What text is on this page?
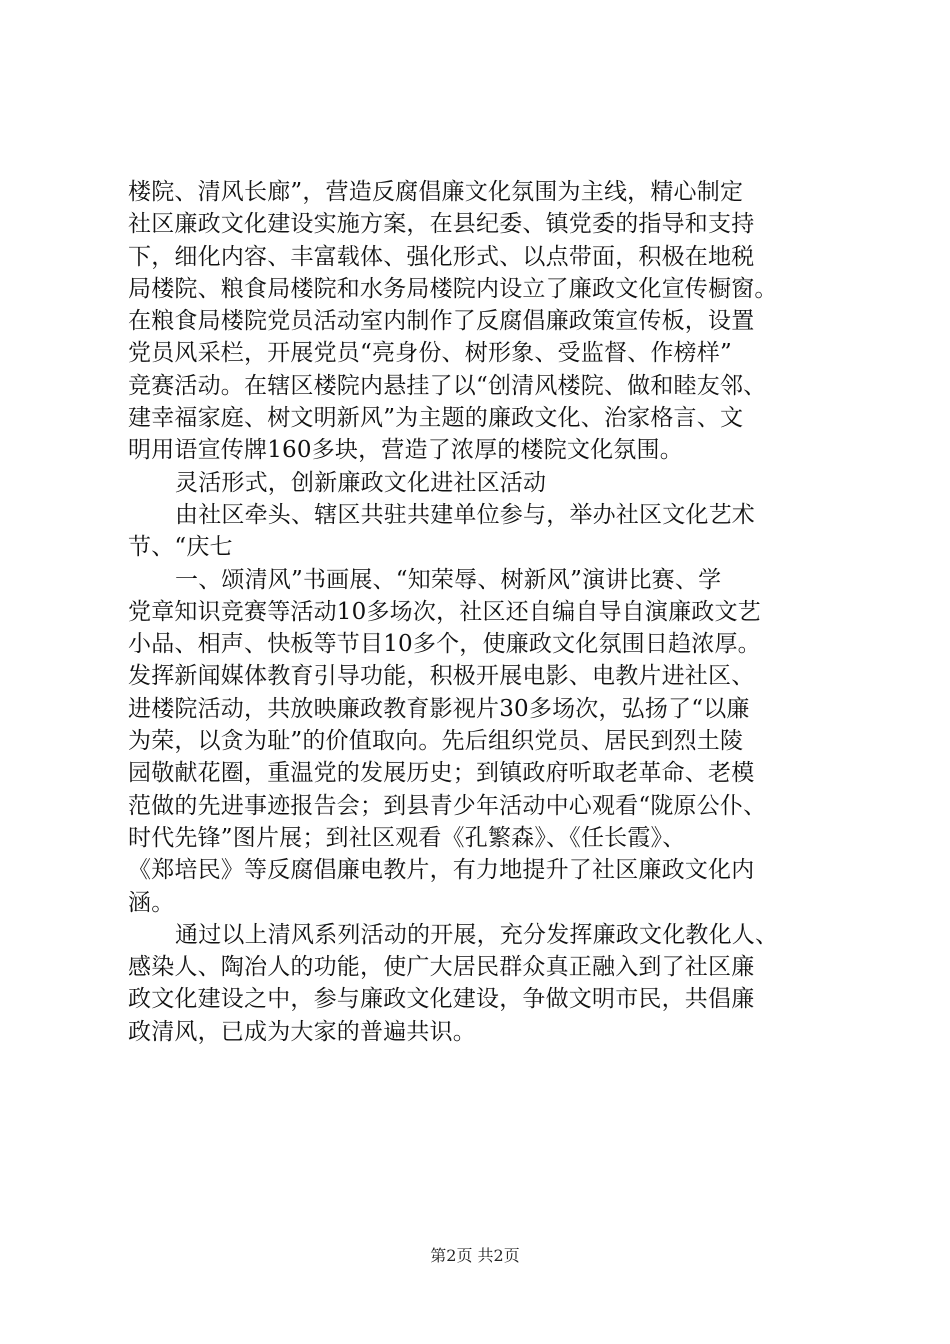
楼院、清风长廊”，营造反腐倡廉文化氛围为主线，精心制定
社区廉政文化建设实施方案，在县纪委、镇党委的指导和支持
下，细化内容、丰富载体、强化形式、以点带面，积极在地税
局楼院、粮食局楼院和水务局楼院内设立了廉政文化宣传橱窗。
在粮食局楼院党员活动室内制作了反腐倡廉政策宣传板，设置
党员风采栏，开展党员“亮身份、树形象、受监督、作榜样”
竞赛活动。在辖区楼院内悬挂了以“创清风楼院、做和睦友邻、
建幸福家庭、树文明新风”为主题的廉政文化、治家格言、文
明用语宣传牌160多块，营造了浓厚的楼院文化氛围。
灵活形式，创新廉政文化进社区活动
由社区牵头、辖区共驻共建单位参与，举办社区文化艺术
节、“庆七
一、颂清风”书画展、“知荣辱、树新风”演讲比赛、学
党章知识竞赛等活动10多场次，社区还自编自导自演廉政文艺
小品、相声、快板等节目10多个，使廉政文化氛围日趋浓厚。
发挥新闻媒体教育引导功能，积极开展电影、电教片进社区、
进楼院活动，共放映廉政教育影视片30多场次，弘扬了“以廉
为荣，以贪为耻”的价值取向。先后组织党员、居民到烈土陵
园敬献花圈，重温党的发展历史；到镇政府听取老革命、老模
范做的先进事迹报告会；到县青少年活动中心观看“陇原公仆、
时代先锋”图片展；到社区观看《孔繁森》、《任长霞》、
《郑培民》等反腐倡廉电教片，有力地提升了社区廉政文化内
涵。
通过以上清风系列活动的开展，充分发挥廉政文化教化人、
感染人、陶冶人的功能，使广大居民群众真正融入到了社区廉
政文化建设之中，参与廉政文化建设，争做文明市民，共倡廉
政清风，已成为大家的普遍共识。
第2页 共2页
